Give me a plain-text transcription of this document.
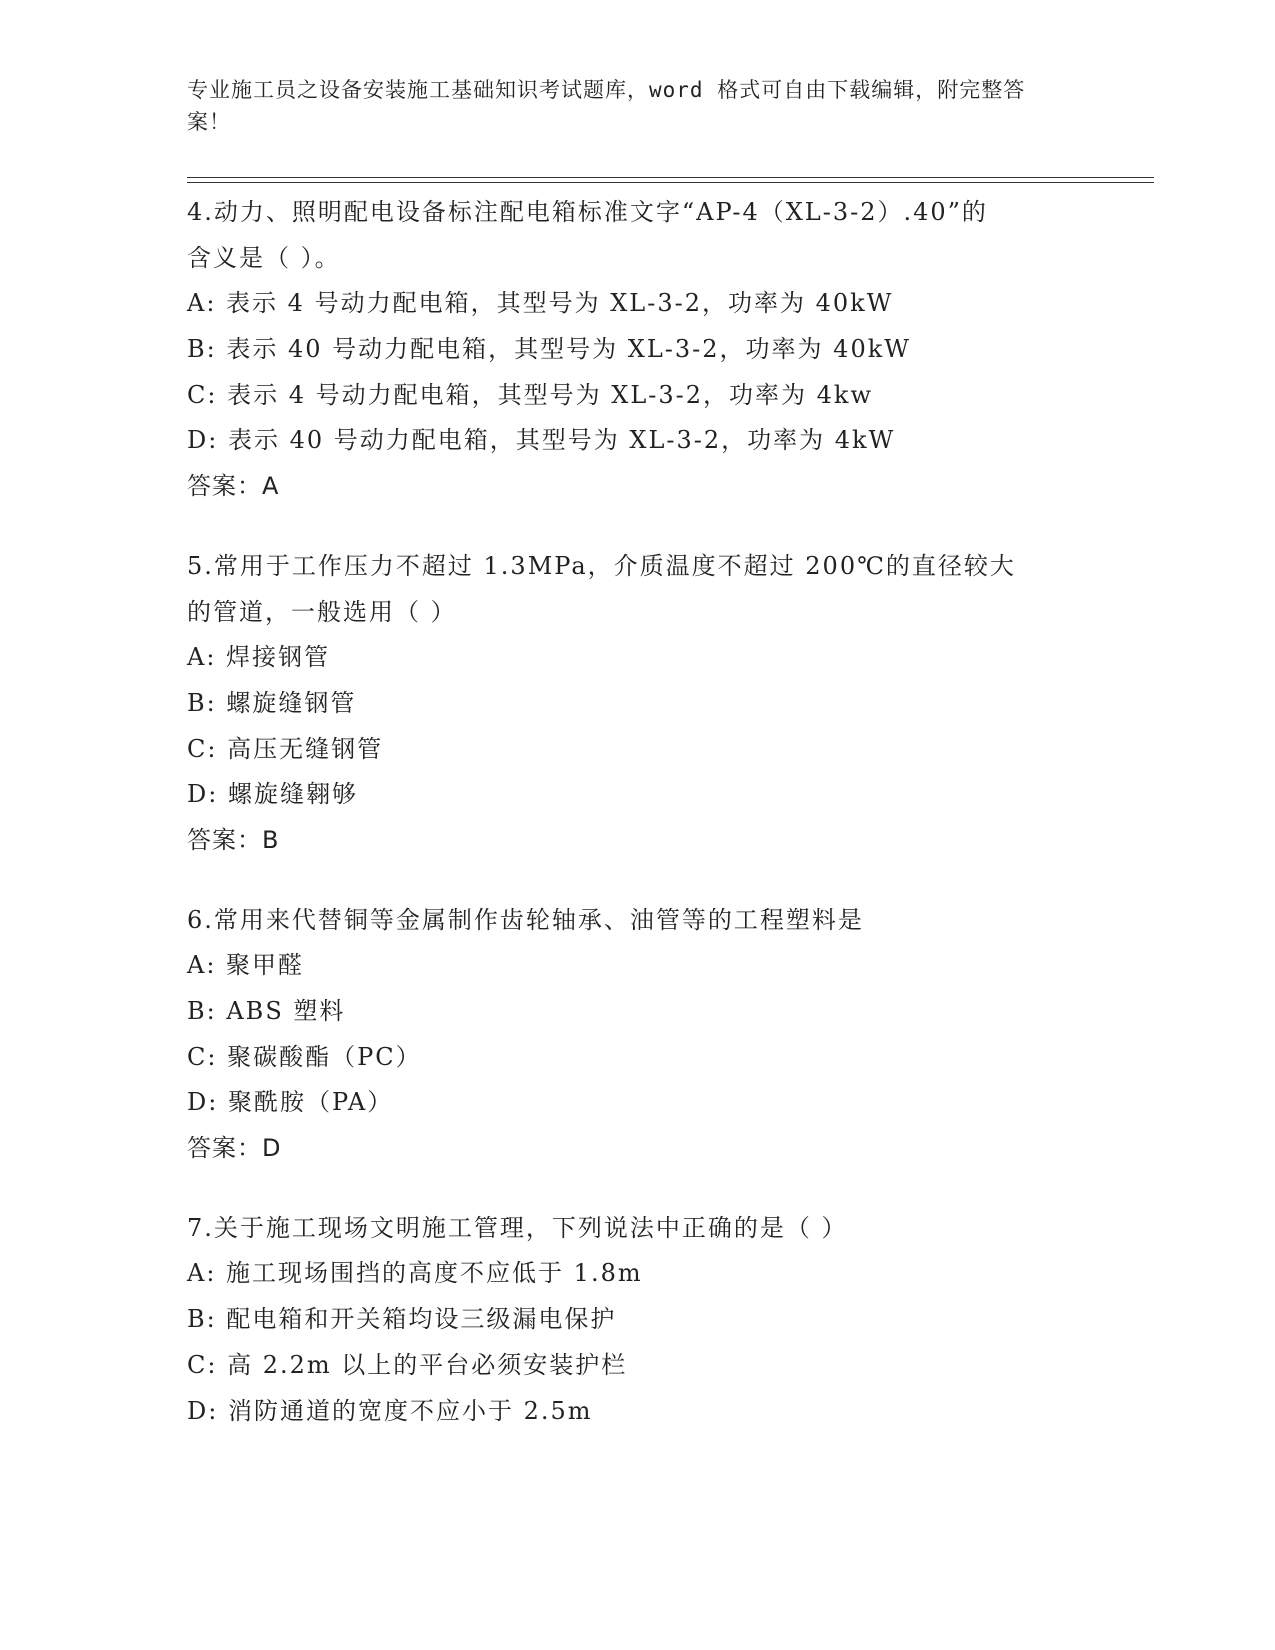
专业施工员之设备安装施工基础知识考试题库，word 格式可自由下载编辑，附完整答案！

4.动力、照明配电设备标注配电箱标准文字“AP-4（XL-3-2）.40”的

含义是（ ）。

A: 表示 4 号动力配电箱，其型号为 XL-3-2，功率为 40kW

B: 表示 40 号动力配电箱，其型号为 XL-3-2，功率为 40kW

C: 表示 4 号动力配电箱，其型号为 XL-3-2，功率为 4kw

D: 表示 40 号动力配电箱，其型号为 XL-3-2，功率为 4kW

答案：A

5.常用于工作压力不超过 1.3MPa，介质温度不超过 200℃的直径较大

的管道，一般选用（ ）

A: 焊接钢管

B: 螺旋缝钢管

C: 高压无缝钢管

D: 螺旋缝翱够

答案：B

6.常用来代替铜等金属制作齿轮轴承、油管等的工程塑料是

A: 聚甲醛

B: ABS 塑料

C: 聚碳酸酯（PC）

D: 聚酰胺（PA）

答案：D

7.关于施工现场文明施工管理，下列说法中正确的是（ ）

A: 施工现场围挡的高度不应低于 1.8m

B: 配电箱和开关箱均设三级漏电保护

C: 高 2.2m 以上的平台必须安装护栏

D: 消防通道的宽度不应小于 2.5m
